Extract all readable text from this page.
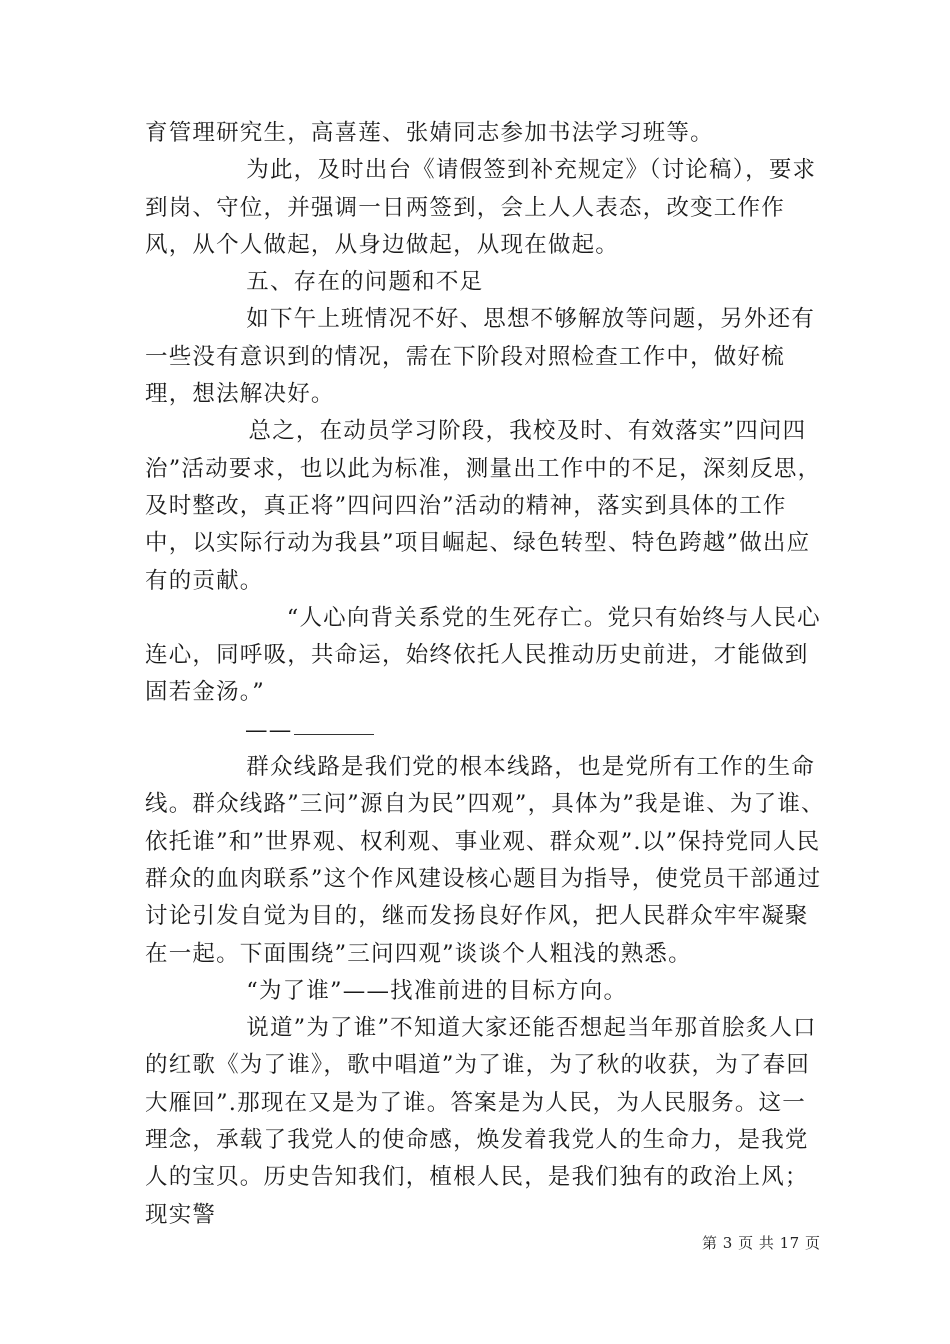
育管理研究生，高喜莲、张婧同志参加书法学习班等。

为此，及时出台《请假签到补充规定》（讨论稿），要求到岗、守位，并强调一日两签到，会上人人表态，改变工作作风，从个人做起，从身边做起，从现在做起。

五、存在的问题和不足

如下午上班情况不好、思想不够解放等问题，另外还有一些没有意识到的情况，需在下阶段对照检查工作中，做好梳理，想法解决好。

总之，在动员学习阶段，我校及时、有效落实”四问四治”活动要求，也以此为标准，测量出工作中的不足，深刻反思，及时整改，真正将”四问四治”活动的精神，落实到具体的工作中，以实际行动为我县”项目崛起、绿色转型、特色跨越”做出应有的贡献。

“人心向背关系党的生死存亡。党只有始终与人民心连心，同呼吸，共命运，始终依托人民推动历史前进，才能做到固若金汤。”

——

群众线路是我们党的根本线路，也是党所有工作的生命线。群众线路”三问”源自为民”四观”，具体为”我是谁、为了谁、依托谁”和”世界观、权利观、事业观、群众观”.以”保持党同人民群众的血肉联系”这个作风建设核心题目为指导，使党员干部通过讨论引发自觉为目的，继而发扬良好作风，把人民群众牢牢凝聚在一起。下面围绕”三问四观”谈谈个人粗浅的熟悉。

“为了谁”——找准前进的目标方向。

说道”为了谁”不知道大家还能否想起当年那首脍炙人口的红歌《为了谁》，歌中唱道”为了谁，为了秋的收获，为了春回大雁回”.那现在又是为了谁。答案是为人民，为人民服务。这一理念，承载了我党人的使命感，焕发着我党人的生命力，是我党人的宝贝。历史告知我们，植根人民，是我们独有的政治上风；现实警

第 3 页 共 17 页
